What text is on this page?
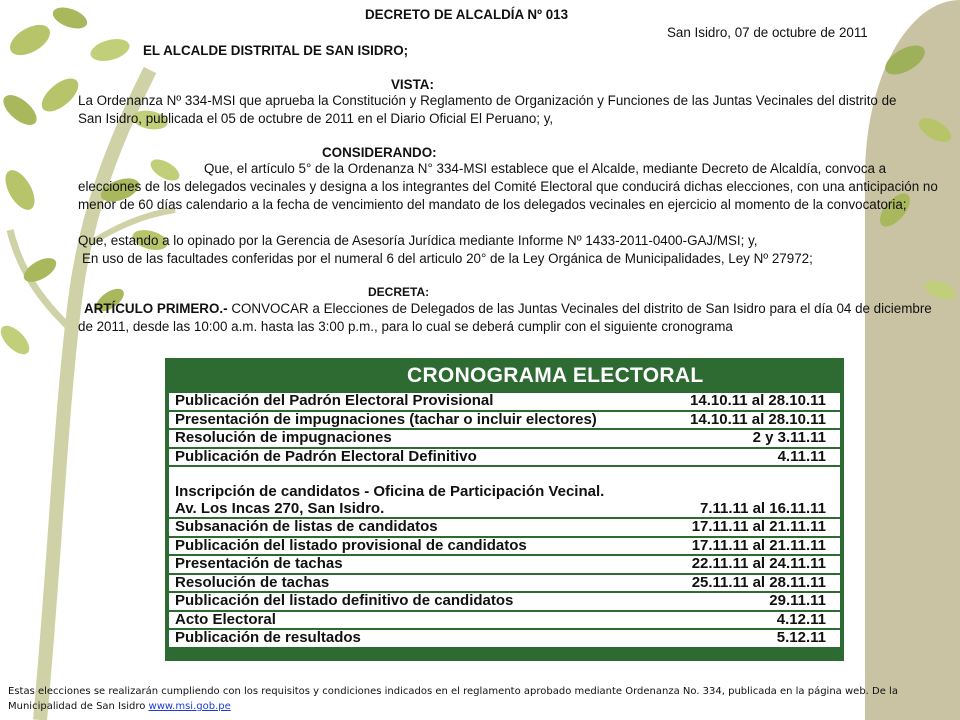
DECRETO DE ALCALDÍA Nº 013
San Isidro, 07 de octubre de 2011
EL ALCALDE DISTRITAL DE SAN ISIDRO;
VISTA:
La Ordenanza Nº 334-MSI que aprueba la Constitución y Reglamento de Organización y Funciones de las Juntas Vecinales del distrito de San Isidro, publicada el 05 de octubre de 2011 en el Diario Oficial El Peruano; y,
CONSIDERANDO:
Que, el artículo 5° de la Ordenanza N° 334-MSI establece que el Alcalde, mediante Decreto de Alcaldía, convoca a elecciones de los delegados vecinales y designa a los integrantes del Comité Electoral que conducirá dichas elecciones, con una anticipación no menor de 60 días calendario a la fecha de vencimiento del mandato de los delegados vecinales en ejercicio al momento de la convocatoria;
Que, estando a lo opinado por la Gerencia de Asesoría Jurídica mediante Informe Nº 1433-2011-0400-GAJ/MSI; y,
En uso de las facultades conferidas por el numeral 6 del articulo 20° de la Ley Orgánica de Municipalidades, Ley Nº 27972;
DECRETA:
ARTÍCULO PRIMERO.- CONVOCAR a Elecciones de Delegados de las Juntas Vecinales del distrito de San Isidro para el día 04 de diciembre de 2011, desde las 10:00 a.m. hasta las 3:00 p.m., para lo cual se deberá cumplir con el siguiente cronograma
CRONOGRAMA ELECTORAL
Publicación del Padrón Electoral Provisional	14.10.11 al 28.10.11
Presentación de impugnaciones (tachar o incluir electores)	14.10.11 al 28.10.11
Resolución de impugnaciones	2 y 3.11.11
Publicación de Padrón Electoral Definitivo	4.11.11
Inscripción de candidatos - Oficina de Participación Vecinal.
Av. Los Incas 270, San Isidro.	7.11.11 al 16.11.11
Subsanación de listas de candidatos	17.11.11 al 21.11.11
Publicación del listado provisional de candidatos	17.11.11 al 21.11.11
Presentación de tachas	22.11.11 al 24.11.11
Resolución de tachas	25.11.11 al 28.11.11
Publicación del listado definitivo de candidatos	29.11.11
Acto Electoral	4.12.11
Publicación de resultados	5.12.11
Estas elecciones se realizarán cumpliendo con los requisitos y condiciones indicados en el reglamento aprobado mediante Ordenanza No. 334, publicada en la página web. De la Municipalidad de San Isidro www.msi.gob.pe
